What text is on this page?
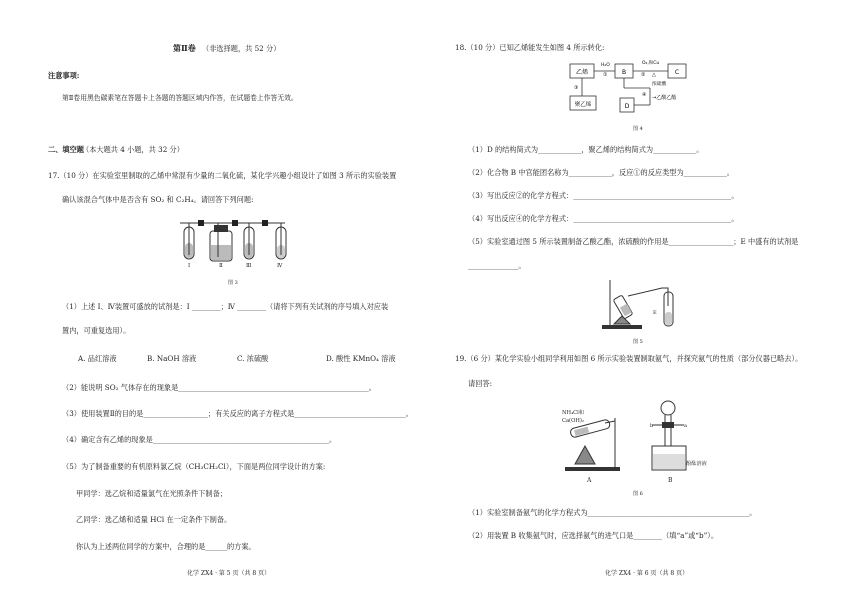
第Ⅱ卷 （非选择题，共 52 分）
注意事项:
第Ⅱ卷用黑色碳素笔在答题卡上各题的答题区域内作答，在试题卷上作答无效。
二、填空题
（本大题共 4 小题，共 32 分）
17.（10 分）在实验室里制取的乙烯中常混有少量的二氧化硫，某化学兴趣小组设计了如图 3 所示的实验装置
确认该混合气体中是否含有 SO₂ 和 C₂H₄。请回答下列问题:
Ⅰ	Ⅱ	Ⅲ	Ⅳ
图 3
（1）上述 Ⅰ、Ⅳ装置可盛放的试剂是：Ⅰ ________；Ⅳ ________（请将下列有关试剂的序号填入对应装
置内，可重复选用）。
A. 品红溶液	B. NaOH 溶液	C. 浓硫酸	D. 酸性 KMnO₄ 溶液
（2）能说明 SO₂ 气体存在的现象是_____________________________________________________。
（3）使用装置Ⅱ的目的是__________________；有关反应的离子方程式是_______________________________。
（4）确定含有乙烯的现象是_________________________________________________。
（5）为了制备重要的有机原料氯乙烷（CH₃CH₂Cl），下面是两位同学设计的方案:
甲同学：选乙烷和适量氯气在光照条件下制备；
乙同学：选乙烯和适量 HCl 在一定条件下制备。
你认为上述两位同学的方案中，合理的是______的方案。
化学 ZX4 · 第 5 页（共 8 页）
18.（10 分）已知乙烯能发生如图 4 所示转化:
乙烯
H₂O
① B
O₂,和Cu
② △	C
③
聚乙烯	D
浓硫酸
④ →乙酸乙酯
图 4
（1）D 的结构简式为____________，聚乙烯的结构简式为____________。
（2）化合物 B 中官能团名称为____________，反应①的反应类型为____________。
（3）写出反应②的化学方程式：____________________________________________。
（4）写出反应④的化学方程式：____________________________________________。
（5）实验室通过图 5 所示装置制备乙酸乙酯，浓硫酸的作用是__________________；E 中盛有的试剂是
______________。
E
图 5
19.（6 分）某化学实验小组同学利用如图 6 所示实验装置制取氨气，并探究氨气的性质（部分仪器已略去）。
请回答:
NH₄Cl和
Ca(OH)₂
A	B
b	a
酚酞溶液
图 6
（1）实验室制备氨气的化学方程式为_____________________________________________。
（2）用装置 B 收集氨气时，应选择氨气的进气口是________（填“a”或“b”）。
化学 ZX4 · 第 6 页（共 8 页）
